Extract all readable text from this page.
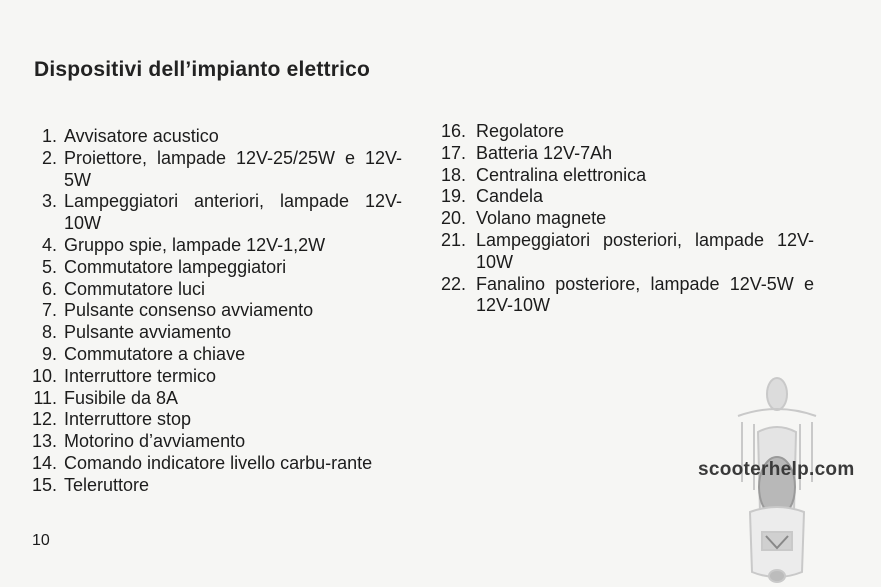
Dispositivi dell’impianto elettrico
1. Avvisatore acustico
2. Proiettore, lampade 12V-25/25W e 12V-5W
3. Lampeggiatori anteriori, lampade 12V-10W
4. Gruppo spie, lampade 12V-1,2W
5. Commutatore lampeggiatori
6. Commutatore luci
7. Pulsante consenso avviamento
8. Pulsante avviamento
9. Commutatore a chiave
10. Interruttore termico
11. Fusibile da 8A
12. Interruttore stop
13. Motorino d’avviamento
14. Comando indicatore livello carbu-rante
15. Teleruttore
16. Regolatore
17. Batteria 12V-7Ah
18. Centralina elettronica
19. Candela
20. Volano magnete
21. Lampeggiatori posteriori, lampade 12V-10W
22. Fanalino posteriore, lampade 12V-5W e 12V-10W
10
scooterhelp.com
